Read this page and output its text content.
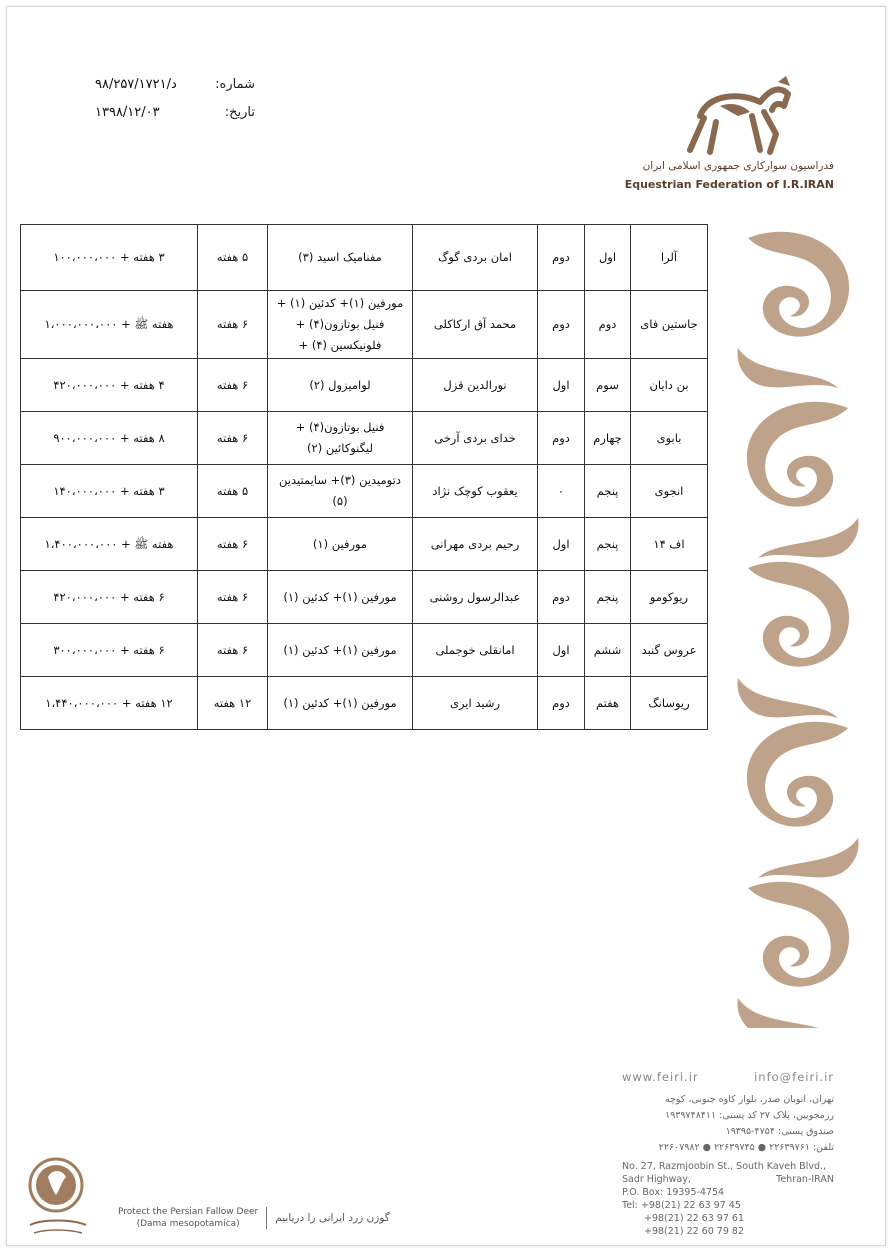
شماره:
۹۸/۲۵۷/د/۱۷۲۱
تاریخ:
۱۳۹۸/۱۲/۰۳
فدراسیون سوارکاری جمهوری اسلامی ایران
Equestrian Federation of I.R.IRAN
آلرا	اول	دوم	امان بردی گوگ	مفنامیک اسید (۳)	۵ هفته	۳ هفته + ۱۰۰،۰۰۰،۰۰۰
جاستین فای	دوم	دوم	محمد آق ارکاکلی	مورفین (۱)+ کدئین (۱) + فنیل بوتازون(۴) + فلونیکسین (۴) +	۶ هفته	هفته ﷺ + ۱،۰۰۰،۰۰۰،۰۰۰
بن دایان	سوم	اول	نورالدین قزل	لوامیزول (۲)	۶ هفته	۴ هفته + ۴۲۰،۰۰۰،۰۰۰
بابوی	چهارم	دوم	خدای بردی آرخی	فنیل بوتازون(۴) + لیگنوکائین (۲)	۶ هفته	۸ هفته + ۹۰۰،۰۰۰،۰۰۰
انجوی	پنجم	۰	یعقوب کوچک نژاد	دتومیدین (۳)+ سایمتیدین (۵)	۵ هفته	۳ هفته + ۱۴۰،۰۰۰،۰۰۰
اف ۱۴	پنجم	اول	رحیم بردی مهرانی	مورفین (۱)	۶ هفته	هفته ﷺ + ۱،۴۰۰،۰۰۰،۰۰۰
ریوکومو	پنجم	دوم	عبدالرسول روشنی	مورفین (۱)+ کدئین (۱)	۶ هفته	۶ هفته + ۴۲۰،۰۰۰،۰۰۰
عروس گنبد	ششم	اول	امانقلی خوجملی	مورفین (۱)+ کدئین (۱)	۶ هفته	۶ هفته + ۳۰۰،۰۰۰،۰۰۰
ریوسانگ	هفتم	دوم	رشید ایری	مورفین (۱)+ کدئین (۱)	۱۲ هفته	۱۲ هفته + ۱،۴۴۰،۰۰۰،۰۰۰
www.feiri.ir	info@feiri.ir
تهران، اتوبان صدر، بلوار کاوه جنوبی، کوچه
رزمجویین، پلاک ۲۷ کد پستی: ۱۹۳۹۷۴۸۴۱۱
صندوق پستی: ۴۷۵۴-۱۹۳۹۵
تلفن: ۲۲۶۳۹۷۶۱ ● ۲۲۶۳۹۷۴۵ ● ۲۲۶۰۷۹۸۲
No. 27, Razmjoobin St., South Kaveh Blvd.,
Sadr Highway,	Tehran-IRAN
P.O. Box: 19395-4754
Tel: +98(21) 22 63 97 45
+98(21) 22 63 97 61
+98(21) 22 60 79 82
Protect the Persian Fallow Deer
(Dama mesopotamica)	گوزن زرد ایرانی را دریابیم
